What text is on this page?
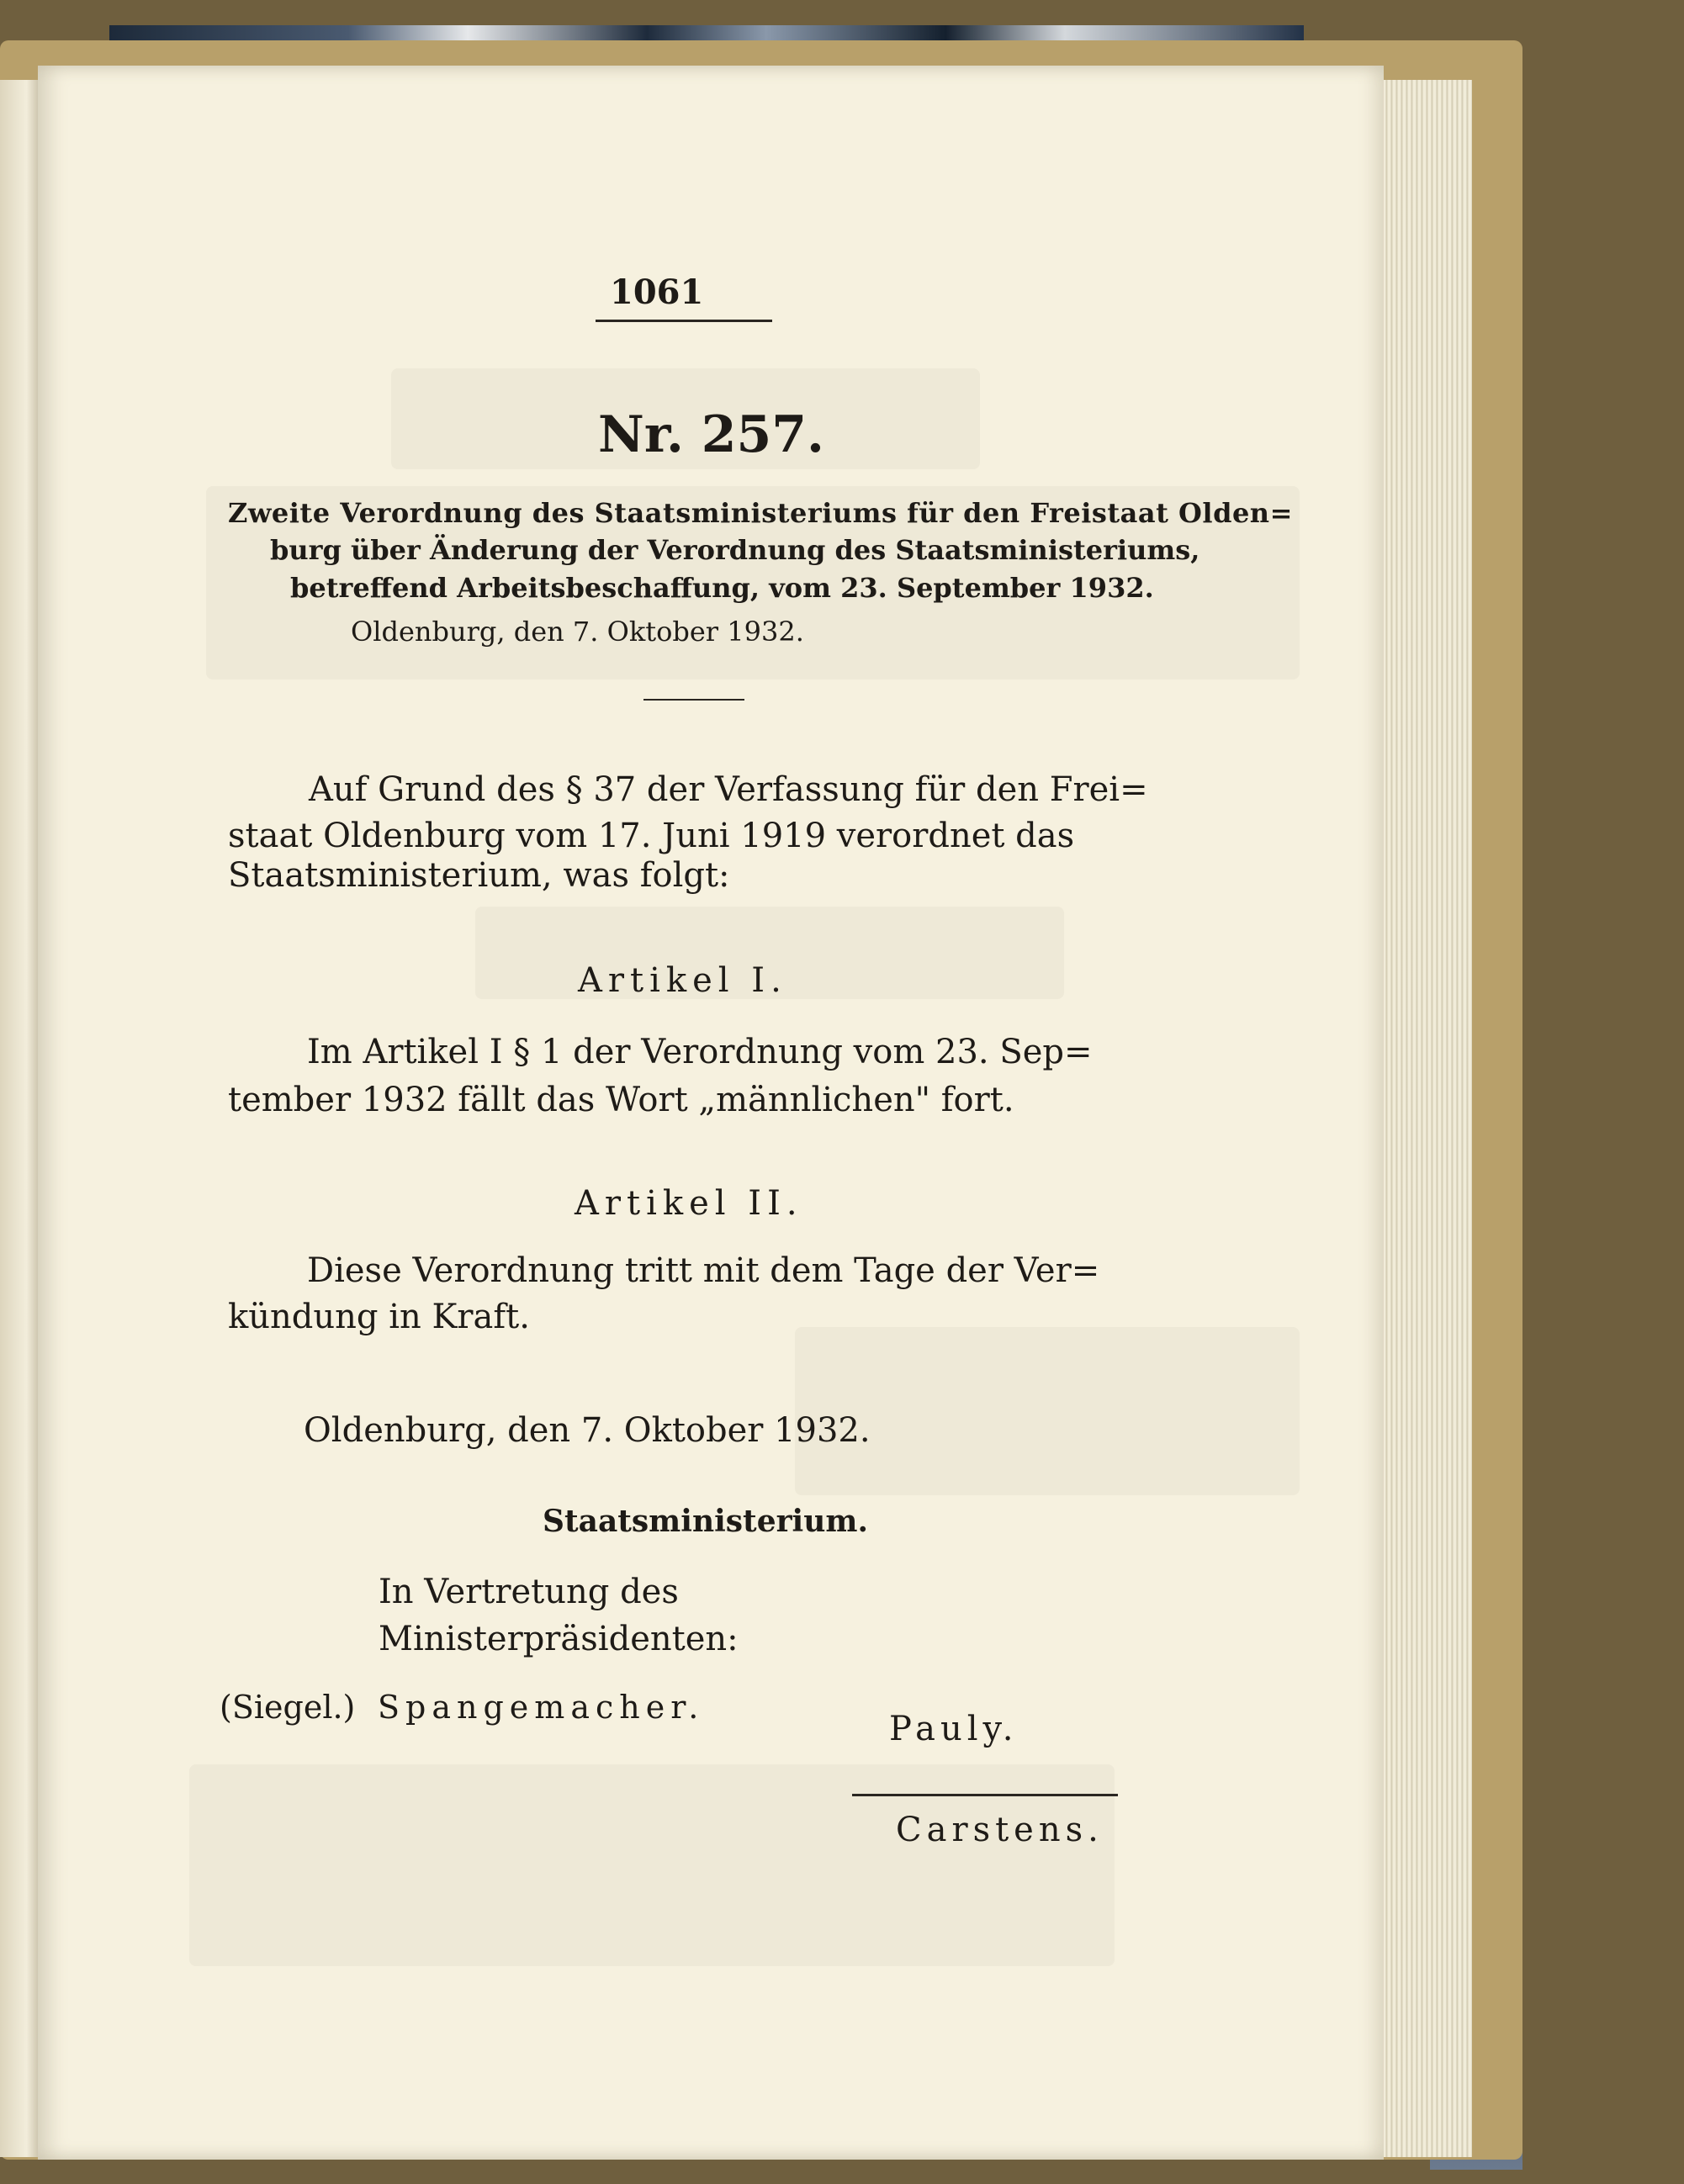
1061
Nr. 257.
Zweite Verordnung des Staatsministeriums für den Freistaat Olden=
burg über Änderung der Verordnung des Staatsministeriums,
betreffend Arbeitsbeschaffung, vom 23. September 1932.
Oldenburg, den 7. Oktober 1932.
Auf Grund des § 37 der Verfassung für den Frei=
staat Oldenburg vom 17. Juni 1919 verordnet das
Staatsministerium, was folgt:
Artikel I.
Im Artikel I § 1 der Verordnung vom 23. Sep=
tember 1932 fällt das Wort „männlichen" fort.
Artikel II.
Diese Verordnung tritt mit dem Tage der Ver=
kündung in Kraft.
Oldenburg, den 7. Oktober 1932.
Staatsministerium.
In Vertretung des
Ministerpräsidenten:
(Siegel.) Spangemacher.
Pauly.
Carstens.
